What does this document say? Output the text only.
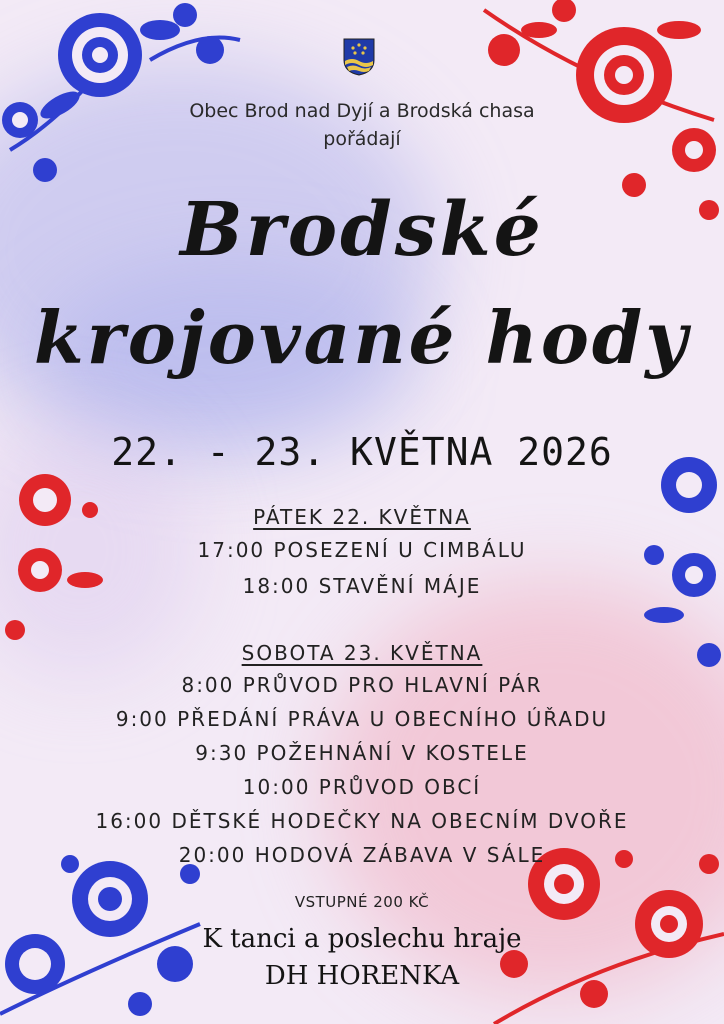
Obec Brod nad Dyjí a Brodská chasa
pořádají
Brodské
krojované hody
22. - 23. KVĚTNA 2026
PÁTEK 22. KVĚTNA
17:00 POSEZENÍ U CIMBÁLU
18:00 STAVĚNÍ MÁJE
SOBOTA 23. KVĚTNA
8:00 PRŮVOD PRO HLAVNÍ PÁR
9:00 PŘEDÁNÍ PRÁVA U OBECNÍHO ÚŘADU
9:30 POŽEHNÁNÍ V KOSTELE
10:00 PRŮVOD OBCÍ
16:00 DĚTSKÉ HODEČKY NA OBECNÍM DVOŘE
20:00 HODOVÁ ZÁBAVA V SÁLE
VSTUPNÉ 200 KČ
K tanci a poslechu hraje
DH HORENKA
